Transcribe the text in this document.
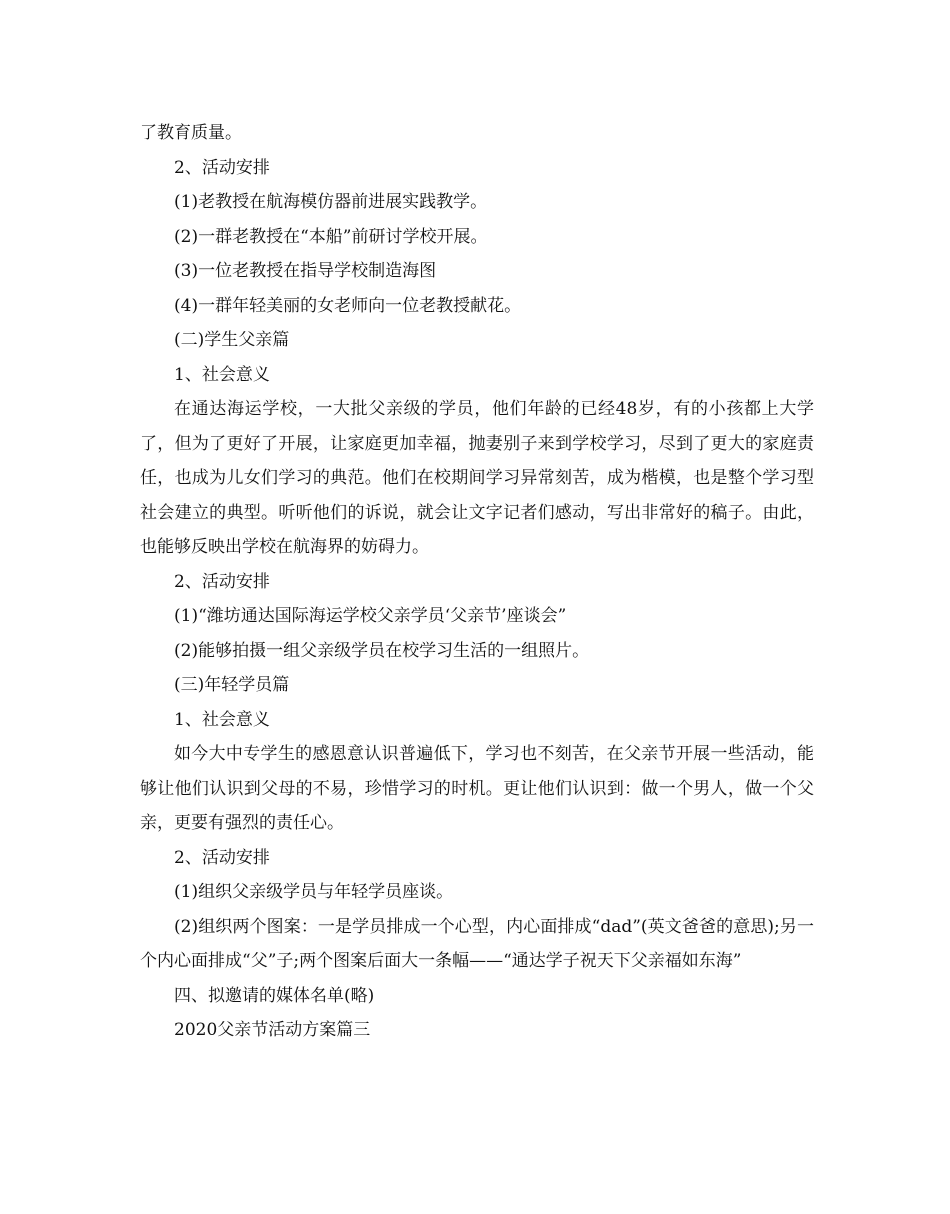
了教育质量。

2、活动安排

(1)老教授在航海模仿器前进展实践教学。

(2)一群老教授在“本船”前研讨学校开展。

(3)一位老教授在指导学校制造海图

(4)一群年轻美丽的女老师向一位老教授献花。

(二)学生父亲篇

1、社会意义

在通达海运学校，一大批父亲级的学员，他们年龄的已经48岁，有的小孩都上大学了，但为了更好了开展，让家庭更加幸福，抛妻别子来到学校学习，尽到了更大的家庭责任，也成为儿女们学习的典范。他们在校期间学习异常刻苦，成为楷模，也是整个学习型社会建立的典型。听听他们的诉说，就会让文字记者们感动，写出非常好的稿子。由此，也能够反映出学校在航海界的妨碍力。

2、活动安排

(1)“潍坊通达国际海运学校父亲学员‘父亲节’座谈会”

(2)能够拍摄一组父亲级学员在校学习生活的一组照片。

(三)年轻学员篇

1、社会意义

如今大中专学生的感恩意认识普遍低下，学习也不刻苦，在父亲节开展一些活动，能够让他们认识到父母的不易，珍惜学习的时机。更让他们认识到：做一个男人，做一个父亲，更要有强烈的责任心。

2、活动安排

(1)组织父亲级学员与年轻学员座谈。

(2)组织两个图案：一是学员排成一个心型，内心面排成“dad”(英文爸爸的意思);另一个内心面排成“父”子;两个图案后面大一条幅——“通达学子祝天下父亲福如东海”

四、拟邀请的媒体名单(略)

2020父亲节活动方案篇三
